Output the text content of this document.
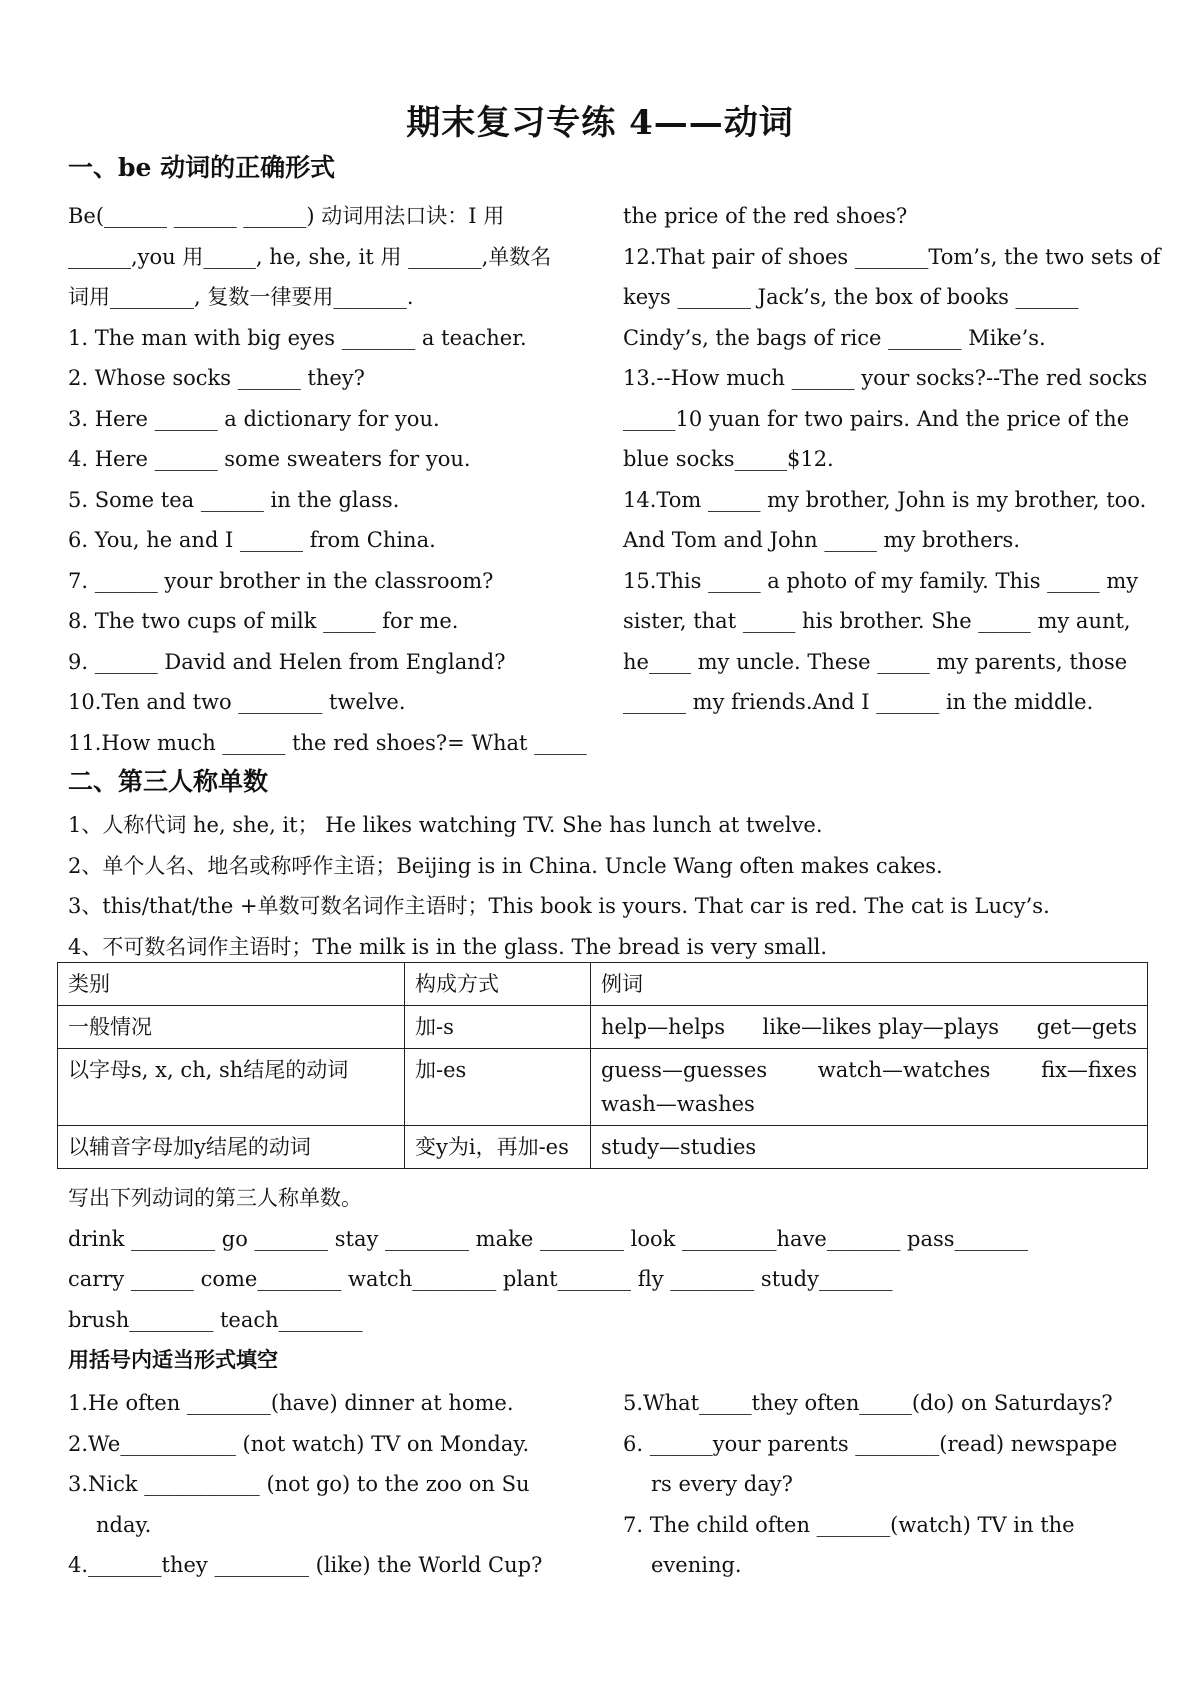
期末复习专练 4——动词
一、be 动词的正确形式
Be(______ ______ ______) 动词用法口诀：I 用
______,you 用_____, he, she, it 用 _______,单数名
词用________, 复数一律要用_______.
1. The man with big eyes _______ a teacher.
2. Whose socks ______ they?
3. Here ______ a dictionary for you.
4. Here ______ some sweaters for you.
5. Some tea ______ in the glass.
6. You, he and I ______ from China.
7. ______ your brother in the classroom?
8. The two cups of milk _____ for me.
9. ______ David and Helen from England?
10.Ten and two ________ twelve.
11.How much ______ the red shoes?= What _____
the price of the red shoes?
12.That pair of shoes _______Tom’s, the two sets of
keys _______ Jack’s, the box of books ______
Cindy’s, the bags of rice _______ Mike’s.
13.--How much ______ your socks?--The red socks
_____10 yuan for two pairs. And the price of the
blue socks_____$12.
14.Tom _____ my brother, John is my brother, too.
And Tom and John _____ my brothers.
15.This _____ a photo of my family. This _____ my
sister, that _____ his brother. She _____ my aunt,
he____ my uncle. These _____ my parents, those
______ my friends.And I ______ in the middle.
二、第三人称单数
1、人称代词 he, she, it； He likes watching TV. She has lunch at twelve.
2、单个人名、地名或称呼作主语；Beijing is in China. Uncle Wang often makes cakes.
3、this/that/the +单数可数名词作主语时；This book is yours. That car is red. The cat is Lucy’s.
4、不可数名词作主语时；The milk is in the glass. The bread is very small.
类别	构成方式	例词
一般情况	加-s	help—helps like—likes play—plays get—gets

以字母s, x, ch, sh结尾的动词	加-es	guess—guesses watch—watches fix—fixes
wash—washes

以辅音字母加y结尾的动词	变y为i，再加-es	study—studies
写出下列动词的第三人称单数。
drink ________ go _______ stay ________ make ________ look _________have_______ pass_______
carry ______ come________ watch________ plant_______ fly ________ study_______
brush________ teach________
用括号内适当形式填空
1.He often ________(have) dinner at home.
2.We___________ (not watch) TV on Monday.
3.Nick ___________ (not go) to the zoo on Su
nday.
4._______they _________ (like) the World Cup?
5.What_____they often_____(do) on Saturdays?
6. ______your parents ________(read) newspape
rs every day?
7. The child often _______(watch) TV in the
evening.
